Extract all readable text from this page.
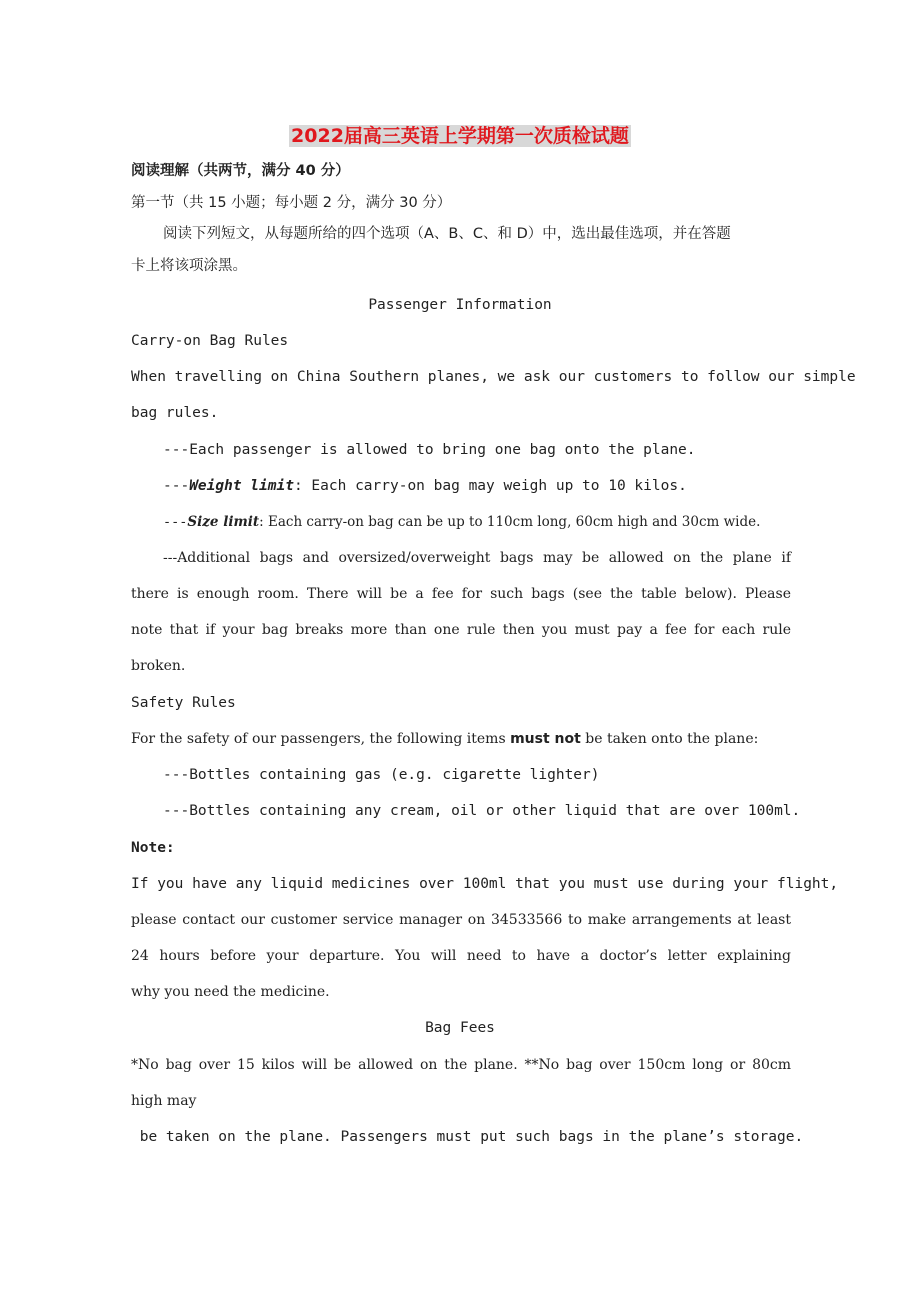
2022届高三英语上学期第一次质检试题
阅读理解（共两节，满分 40 分）
第一节（共 15 小题；每小题 2 分，满分 30 分）
阅读下列短文，从每题所给的四个选项（A、B、C、和 D）中，选出最佳选项，并在答题
卡上将该项涂黑。
Passenger Information
Carry-on Bag Rules
When travelling on China Southern planes, we ask our customers to follow our simple
bag rules.
---Each passenger is allowed to bring one bag onto the plane.
---Weight limit: Each carry-on bag may weigh up to 10 kilos.
---Size limit: Each carry-on bag can be up to 110cm long, 60cm high and 30cm wide.
---Additional bags and oversized/overweight bags may be allowed on the plane if
there is enough room. There will be a fee for such bags (see the table below). Please
note that if your bag breaks more than one rule then you must pay a fee for each rule
broken.
Safety Rules
For the safety of our passengers, the following items must not be taken onto the plane:
---Bottles containing gas (e.g. cigarette lighter)
---Bottles containing any cream, oil or other liquid that are over 100ml.
Note:
If you have any liquid medicines over 100ml that you must use during your flight,
please contact our customer service manager on 34533566 to make arrangements at least
24 hours before your departure. You will need to have a doctor’s letter explaining
why you need the medicine.
Bag Fees
*No bag over 15 kilos will be allowed on the plane. **No bag over 150cm long or 80cm
high may
be taken on the plane. Passengers must put such bags in the plane’s storage.
